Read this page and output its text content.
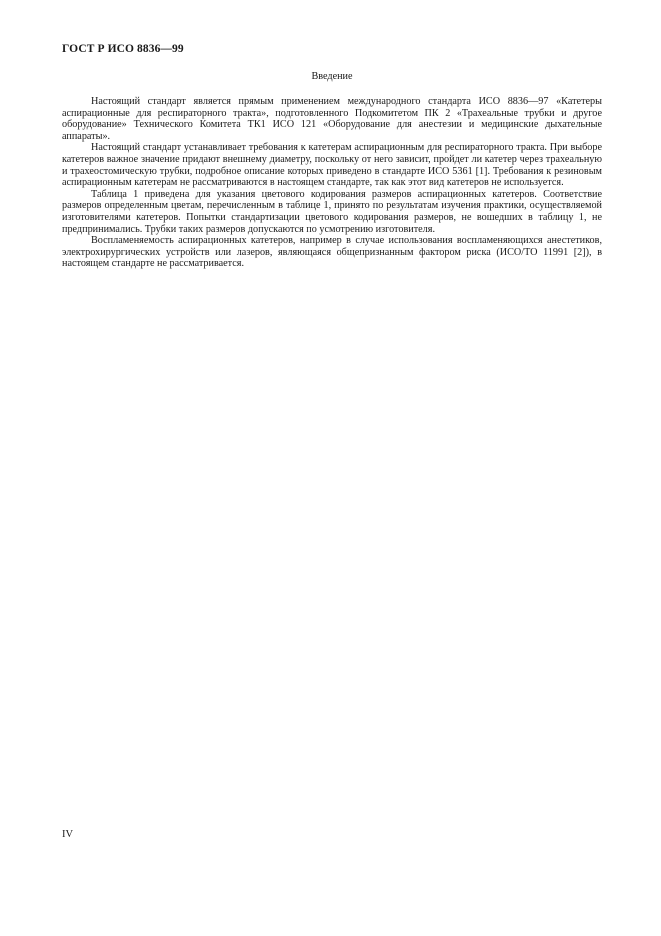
ГОСТ Р ИСО 8836—99
Введение

Настоящий стандарт является прямым применением международного стандарта ИСО 8836—97 «Катетеры аспирационные для респираторного тракта», подготовленного Подкомитетом ПК 2 «Трахеальные трубки и другое оборудование» Технического Комитета ТК1 ИСО 121 «Оборудование для анестезии и медицинские дыхательные аппараты».

Настоящий стандарт устанавливает требования к катетерам аспирационным для респираторного тракта. При выборе катетеров важное значение придают внешнему диаметру, поскольку от него зависит, пройдет ли катетер через трахеальную и трахеостомическую трубки, подробное описание которых приведено в стандарте ИСО 5361 [1]. Требования к резиновым аспирационным катетерам не рассматриваются в настоящем стандарте, так как этот вид катетеров не используется.

Таблица 1 приведена для указания цветового кодирования размеров аспирационных катетеров. Соответствие размеров определенным цветам, перечисленным в таблице 1, принято по результатам изучения практики, осуществляемой изготовителями катетеров. Попытки стандартизации цветового кодирования размеров, не вошедших в таблицу 1, не предпринимались. Трубки таких размеров допускаются по усмотрению изготовителя.

Воспламеняемость аспирационных катетеров, например в случае использования воспламеняющихся анестетиков, электрохирургических устройств или лазеров, являющаяся общепризнанным фактором риска (ИСО/ТО 11991 [2]), в настоящем стандарте не рассматривается.

IV
